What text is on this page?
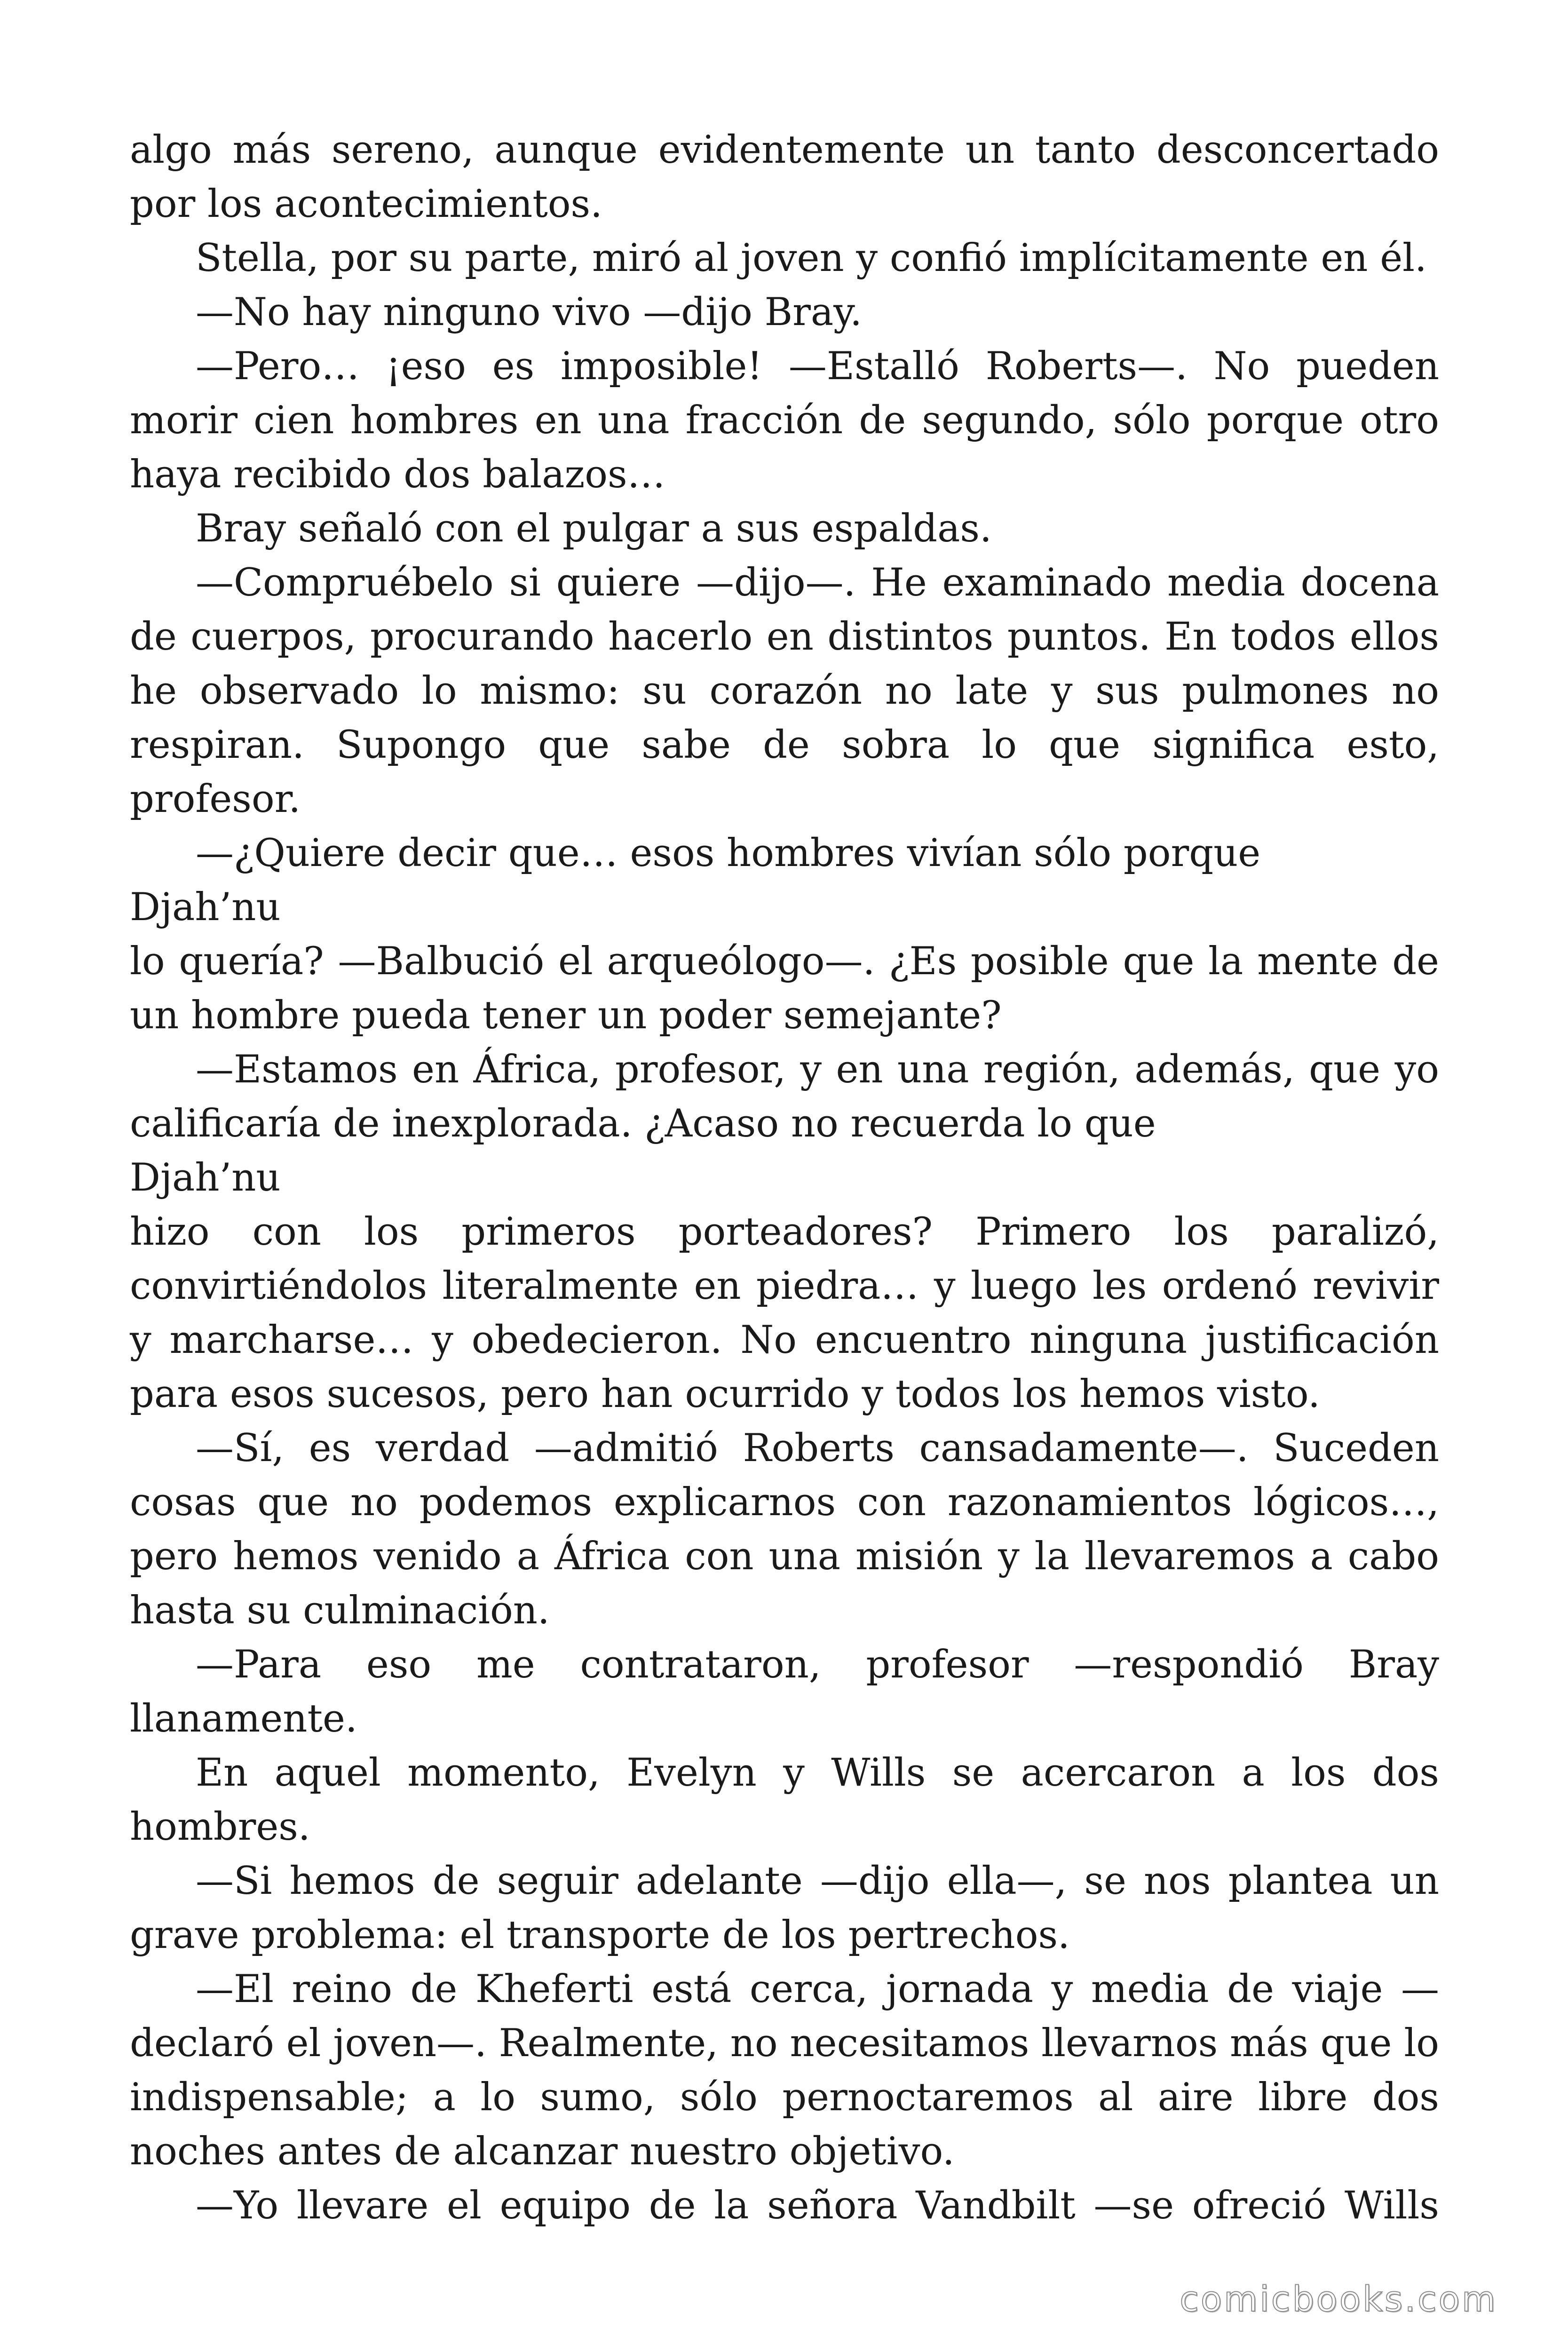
algo más sereno, aunque evidentemente un tanto desconcertado por los acontecimientos.

Stella, por su parte, miró al joven y confió implícitamente en él.

—No hay ninguno vivo —dijo Bray.

—Pero… ¡eso es imposible! —Estalló Roberts—. No pueden morir cien hombres en una fracción de segundo, sólo porque otro haya recibido dos balazos…

Bray señaló con el pulgar a sus espaldas.

—Compruébelo si quiere —dijo—. He examinado media docena de cuerpos, procurando hacerlo en distintos puntos. En todos ellos he observado lo mismo: su corazón no late y sus pulmones no respiran. Supongo que sabe de sobra lo que significa esto, profesor.

—¿Quiere decir que… esos hombres vivían sólo porque

Djah’nu

lo quería? —Balbució el arqueólogo—. ¿Es posible que la mente de un hombre pueda tener un poder semejante?

—Estamos en África, profesor, y en una región, además, que yo calificaría de inexplorada. ¿Acaso no recuerda lo que

Djah’nu

hizo con los primeros porteadores? Primero los paralizó, convirtiéndolos literalmente en piedra… y luego les ordenó revivir y marcharse… y obedecieron. No encuentro ninguna justificación para esos sucesos, pero han ocurrido y todos los hemos visto.

—Sí, es verdad —admitió Roberts cansadamente—. Suceden cosas que no podemos explicarnos con razonamientos lógicos…, pero hemos venido a África con una misión y la llevaremos a cabo hasta su culminación.

—Para eso me contrataron, profesor —respondió Bray llanamente.

En aquel momento, Evelyn y Wills se acercaron a los dos hombres.

—Si hemos de seguir adelante —dijo ella—, se nos plantea un grave problema: el transporte de los pertrechos.

—El reino de Kheferti está cerca, jornada y media de viaje —declaró el joven—. Realmente, no necesitamos llevarnos más que lo indispensable; a lo sumo, sólo pernoctaremos al aire libre dos noches antes de alcanzar nuestro objetivo.

—Yo llevare el equipo de la señora Vandbilt —se ofreció Wills

comicbooks.com
